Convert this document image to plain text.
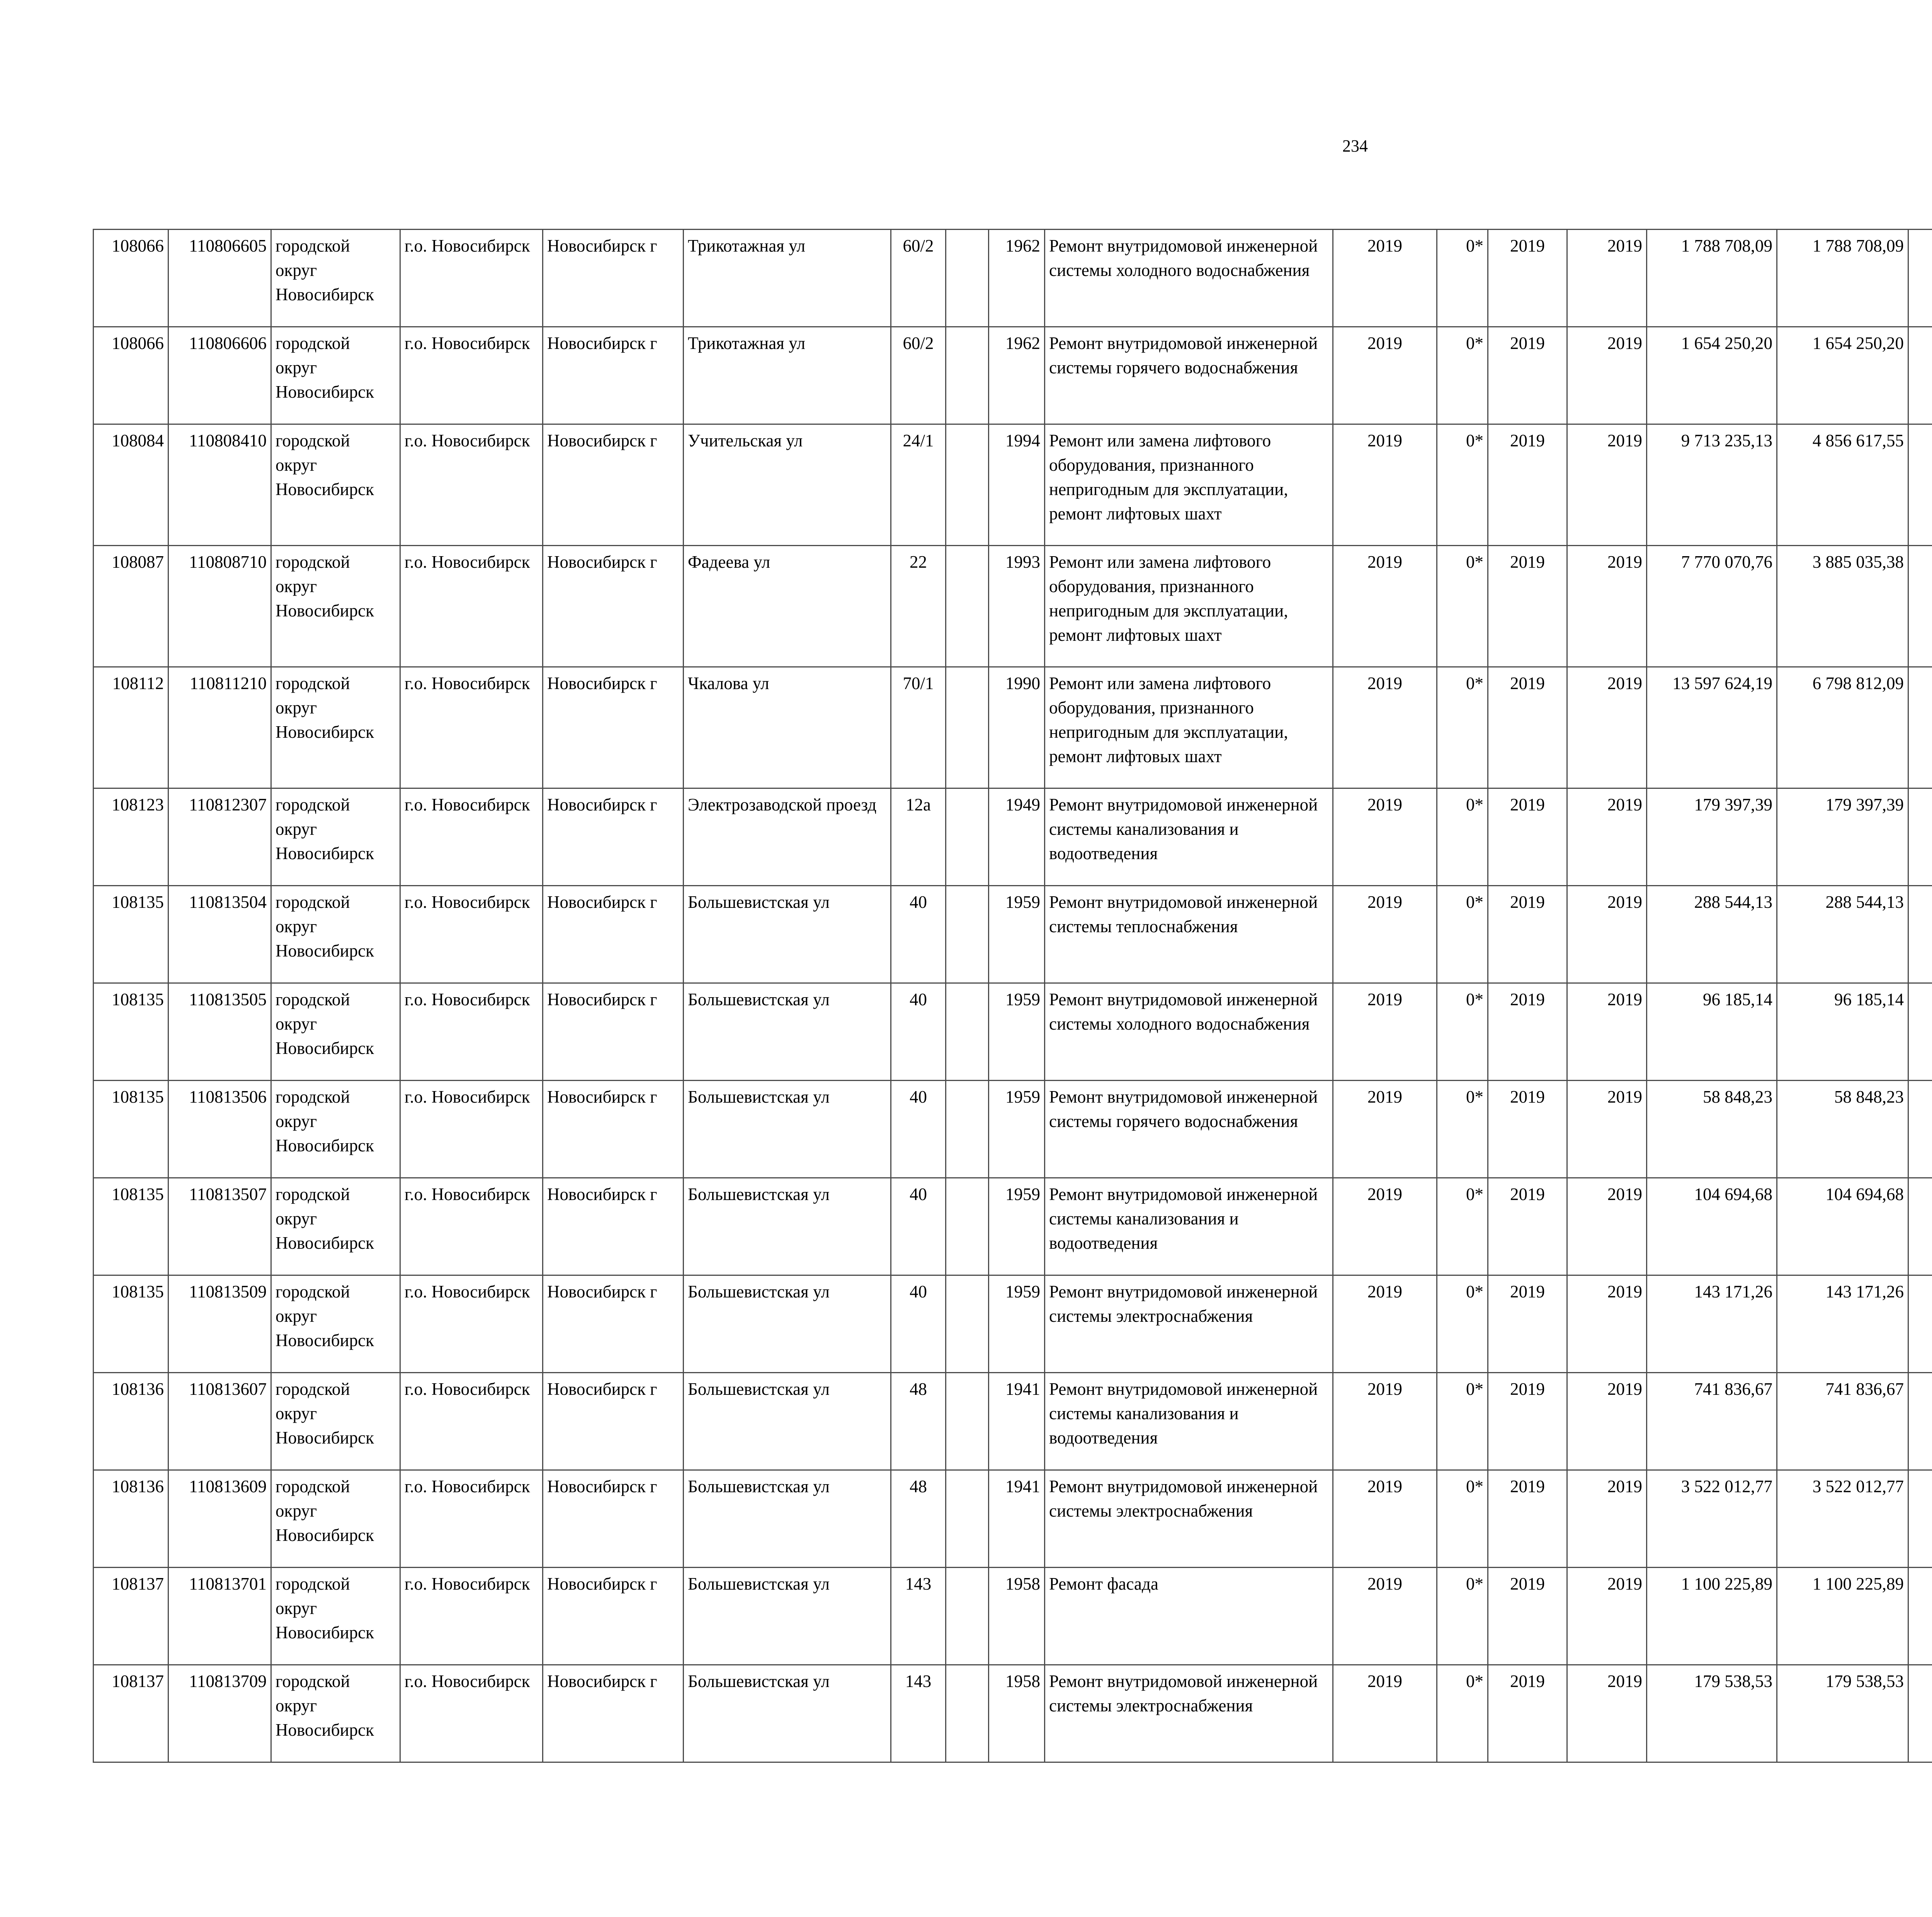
234
108066	110806605	городской округ Новосибирск	г.о. Новосибирск	Новосибирск г	Трикотажная ул	60/2		1962	Ремонт внутридомовой инженерной системы холодного водоснабжения	2019	0*	2019	2019	1 788 708,09	1 788 708,09						
108066	110806606	городской округ Новосибирск	г.о. Новосибирск	Новосибирск г	Трикотажная ул	60/2		1962	Ремонт внутридомовой инженерной системы горячего водоснабжения	2019	0*	2019	2019	1 654 250,20	1 654 250,20						
108084	110808410	городской округ Новосибирск	г.о. Новосибирск	Новосибирск г	Учительская ул	24/1		1994	Ремонт или замена лифтового оборудования, признанного непригодным для эксплуатации, ремонт лифтовых шахт	2019	0*	2019	2019	9 713 235,13	4 856 617,55						
108087	110808710	городской округ Новосибирск	г.о. Новосибирск	Новосибирск г	Фадеева ул	22		1993	Ремонт или замена лифтового оборудования, признанного непригодным для эксплуатации, ремонт лифтовых шахт	2019	0*	2019	2019	7 770 070,76	3 885 035,38						
108112	110811210	городской округ Новосибирск	г.о. Новосибирск	Новосибирск г	Чкалова ул	70/1		1990	Ремонт или замена лифтового оборудования, признанного непригодным для эксплуатации, ремонт лифтовых шахт	2019	0*	2019	2019	13 597 624,19	6 798 812,09						
108123	110812307	городской округ Новосибирск	г.о. Новосибирск	Новосибирск г	Электрозаводской проезд	12а		1949	Ремонт внутридомовой инженерной системы канализования и водоотведения	2019	0*	2019	2019	179 397,39	179 397,39						
108135	110813504	городской округ Новосибирск	г.о. Новосибирск	Новосибирск г	Большевистская ул	40		1959	Ремонт внутридомовой инженерной системы теплоснабжения	2019	0*	2019	2019	288 544,13	288 544,13						
108135	110813505	городской округ Новосибирск	г.о. Новосибирск	Новосибирск г	Большевистская ул	40		1959	Ремонт внутридомовой инженерной системы холодного водоснабжения	2019	0*	2019	2019	96 185,14	96 185,14						
108135	110813506	городской округ Новосибирск	г.о. Новосибирск	Новосибирск г	Большевистская ул	40		1959	Ремонт внутридомовой инженерной системы горячего водоснабжения	2019	0*	2019	2019	58 848,23	58 848,23						
108135	110813507	городской округ Новосибирск	г.о. Новосибирск	Новосибирск г	Большевистская ул	40		1959	Ремонт внутридомовой инженерной системы канализования и водоотведения	2019	0*	2019	2019	104 694,68	104 694,68						
108135	110813509	городской округ Новосибирск	г.о. Новосибирск	Новосибирск г	Большевистская ул	40		1959	Ремонт внутридомовой инженерной системы электроснабжения	2019	0*	2019	2019	143 171,26	143 171,26						
108136	110813607	городской округ Новосибирск	г.о. Новосибирск	Новосибирск г	Большевистская ул	48		1941	Ремонт внутридомовой инженерной системы канализования и водоотведения	2019	0*	2019	2019	741 836,67	741 836,67						
108136	110813609	городской округ Новосибирск	г.о. Новосибирск	Новосибирск г	Большевистская ул	48		1941	Ремонт внутридомовой инженерной системы электроснабжения	2019	0*	2019	2019	3 522 012,77	3 522 012,77						
108137	110813701	городской округ Новосибирск	г.о. Новосибирск	Новосибирск г	Большевистская ул	143		1958	Ремонт фасада	2019	0*	2019	2019	1 100 225,89	1 100 225,89						
108137	110813709	городской округ Новосибирск	г.о. Новосибирск	Новосибирск г	Большевистская ул	143		1958	Ремонт внутридомовой инженерной системы электроснабжения	2019	0*	2019	2019	179 538,53	179 538,53						
